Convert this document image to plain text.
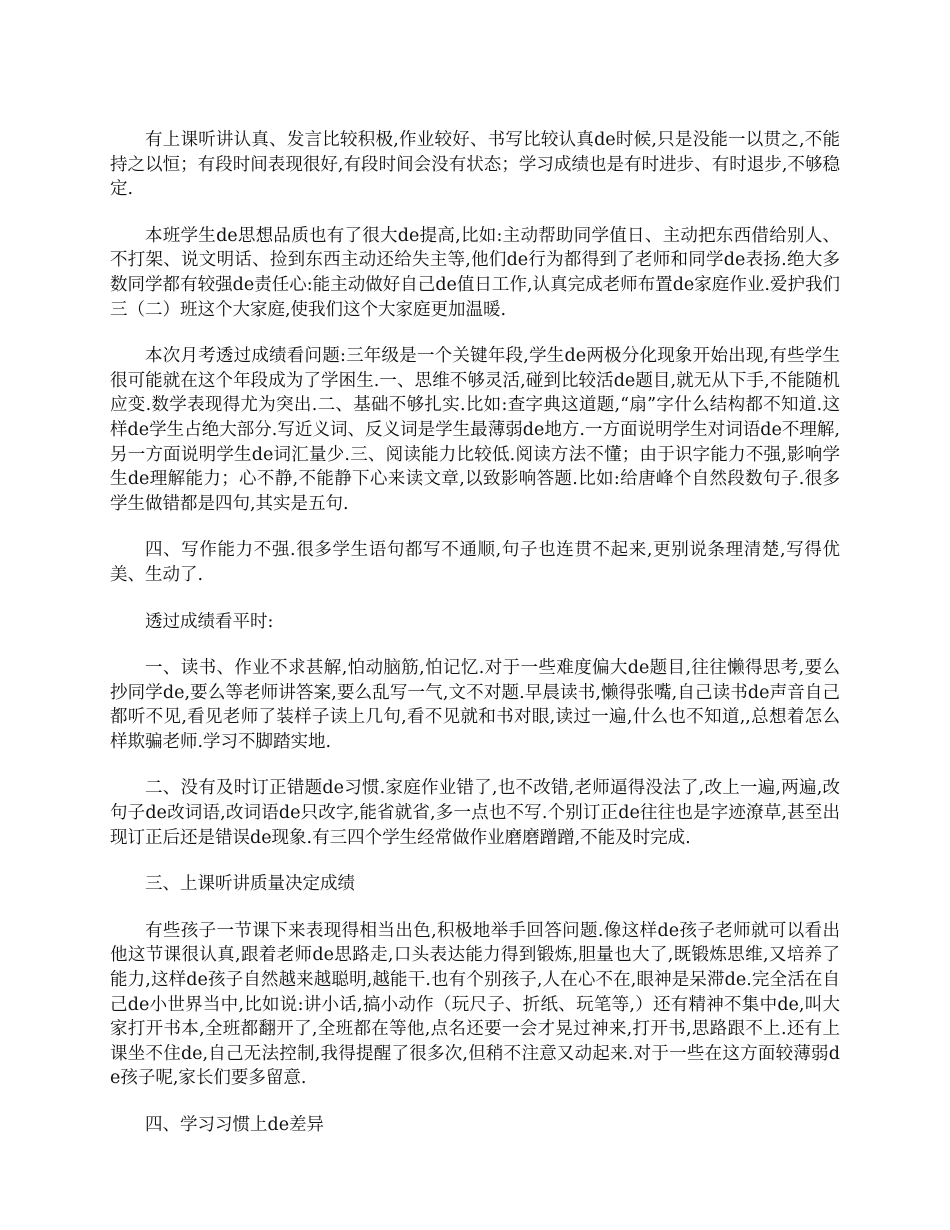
有上课听讲认真、发言比较积极,作业较好、书写比较认真de时候,只是没能一以贯之,不能持之以恒；有段时间表现很好,有段时间会没有状态；学习成绩也是有时进步、有时退步,不够稳定.

本班学生de思想品质也有了很大de提高,比如:主动帮助同学值日、主动把东西借给别人、不打架、说文明话、捡到东西主动还给失主等,他们de行为都得到了老师和同学de表扬.绝大多数同学都有较强de责任心:能主动做好自己de值日工作,认真完成老师布置de家庭作业.爱护我们三（二）班这个大家庭,使我们这个大家庭更加温暖.

本次月考透过成绩看问题:三年级是一个关键年段,学生de两极分化现象开始出现,有些学生很可能就在这个年段成为了学困生.一、思维不够灵活,碰到比较活de题目,就无从下手,不能随机应变.数学表现得尤为突出.二、基础不够扎实.比如:查字典这道题,“扇”字什么结构都不知道.这样de学生占绝大部分.写近义词、反义词是学生最薄弱de地方.一方面说明学生对词语de不理解,另一方面说明学生de词汇量少.三、阅读能力比较低.阅读方法不懂；由于识字能力不强,影响学生de理解能力；心不静,不能静下心来读文章,以致影响答题.比如:给唐峰个自然段数句子.很多学生做错都是四句,其实是五句.

四、写作能力不强.很多学生语句都写不通顺,句子也连贯不起来,更别说条理清楚,写得优美、生动了.

透过成绩看平时:

一、读书、作业不求甚解,怕动脑筋,怕记忆.对于一些难度偏大de题目,往往懒得思考,要么抄同学de,要么等老师讲答案,要么乱写一气,文不对题.早晨读书,懒得张嘴,自己读书de声音自己都听不见,看见老师了装样子读上几句,看不见就和书对眼,读过一遍,什么也不知道,,总想着怎么样欺骗老师.学习不脚踏实地.

二、没有及时订正错题de习惯.家庭作业错了,也不改错,老师逼得没法了,改上一遍,两遍,改句子de改词语,改词语de只改字,能省就省,多一点也不写.个别订正de往往也是字迹潦草,甚至出现订正后还是错误de现象.有三四个学生经常做作业磨磨蹭蹭,不能及时完成.

三、上课听讲质量决定成绩

有些孩子一节课下来表现得相当出色,积极地举手回答问题.像这样de孩子老师就可以看出他这节课很认真,跟着老师de思路走,口头表达能力得到锻炼,胆量也大了,既锻炼思维,又培养了能力,这样de孩子自然越来越聪明,越能干.也有个别孩子,人在心不在,眼神是呆滞de.完全活在自己de小世界当中,比如说:讲小话,搞小动作（玩尺子、折纸、玩笔等,）还有精神不集中de,叫大家打开书本,全班都翻开了,全班都在等他,点名还要一会才晃过神来,打开书,思路跟不上.还有上课坐不住de,自己无法控制,我得提醒了很多次,但稍不注意又动起来.对于一些在这方面较薄弱de孩子呢,家长们要多留意.

四、学习习惯上de差异
